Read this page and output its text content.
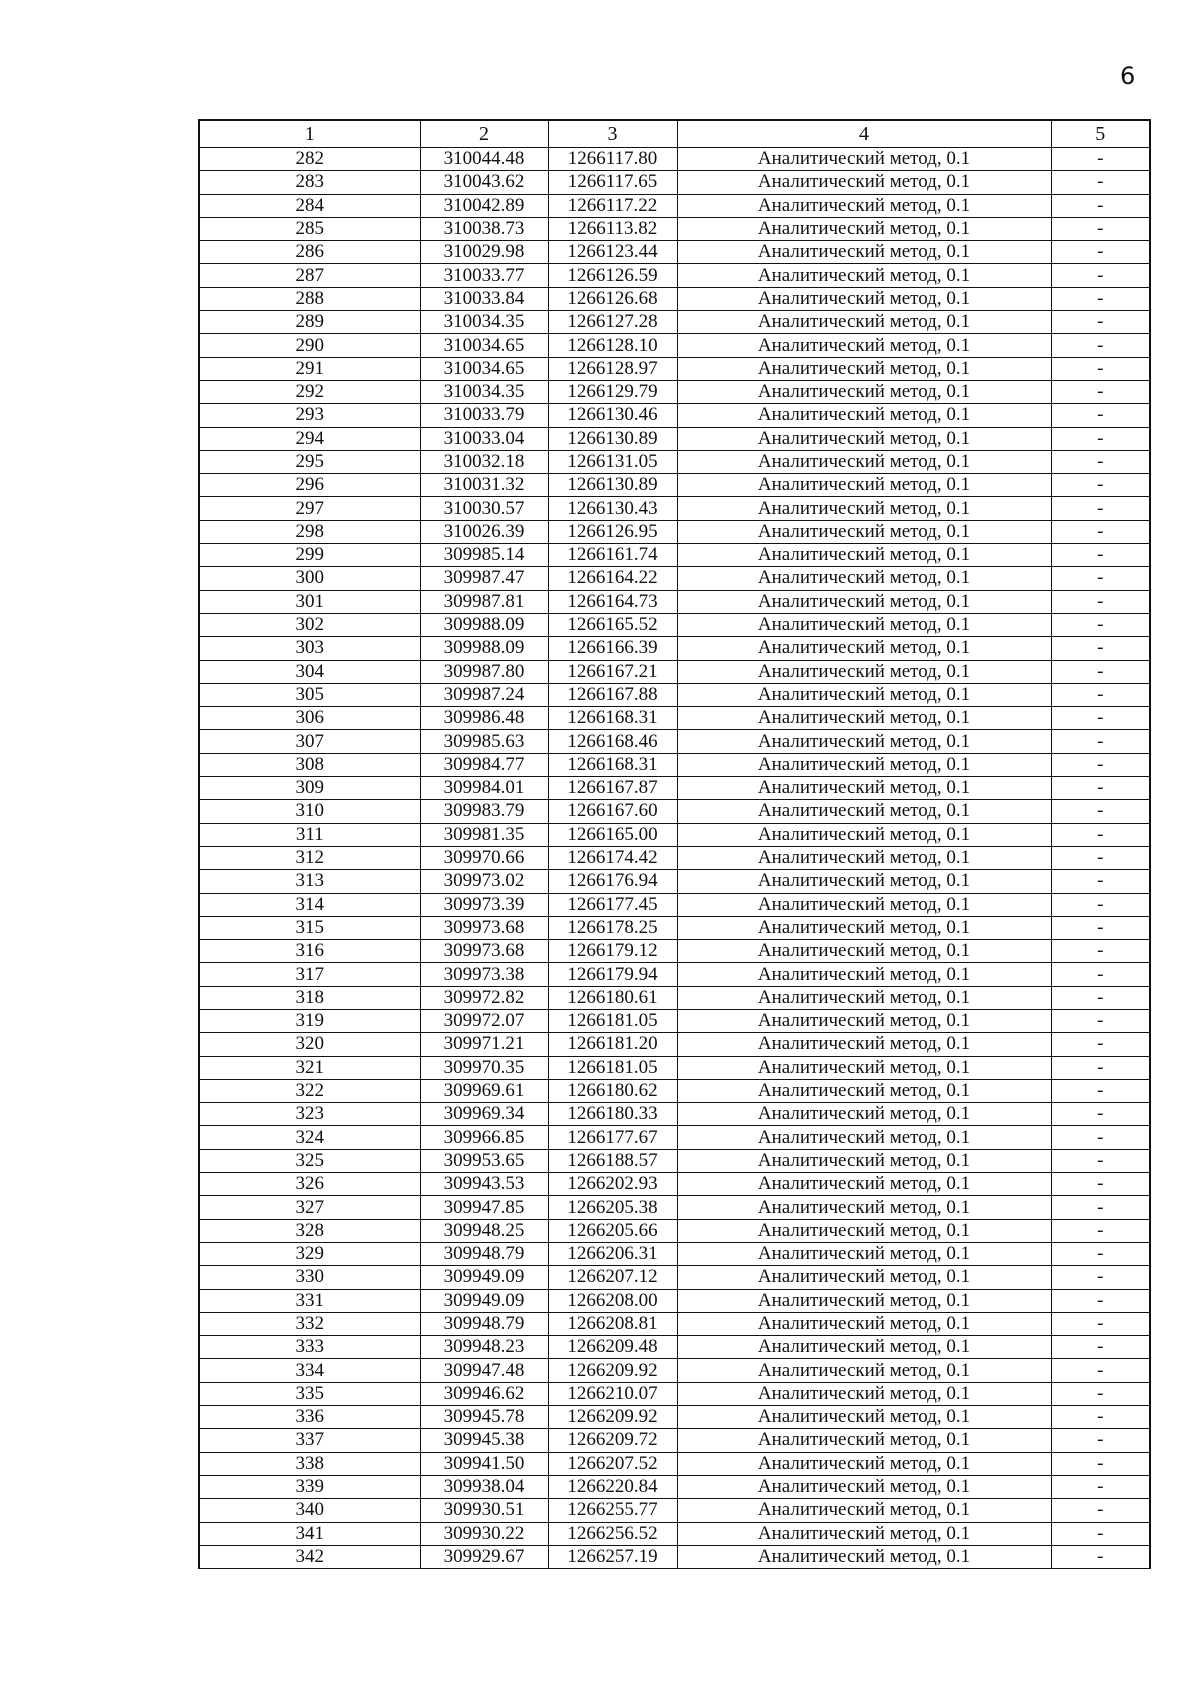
6
1	2	3	4	5
282	310044.48	1266117.80	Аналитический метод, 0.1	-
283	310043.62	1266117.65	Аналитический метод, 0.1	-
284	310042.89	1266117.22	Аналитический метод, 0.1	-
285	310038.73	1266113.82	Аналитический метод, 0.1	-
286	310029.98	1266123.44	Аналитический метод, 0.1	-
287	310033.77	1266126.59	Аналитический метод, 0.1	-
288	310033.84	1266126.68	Аналитический метод, 0.1	-
289	310034.35	1266127.28	Аналитический метод, 0.1	-
290	310034.65	1266128.10	Аналитический метод, 0.1	-
291	310034.65	1266128.97	Аналитический метод, 0.1	-
292	310034.35	1266129.79	Аналитический метод, 0.1	-
293	310033.79	1266130.46	Аналитический метод, 0.1	-
294	310033.04	1266130.89	Аналитический метод, 0.1	-
295	310032.18	1266131.05	Аналитический метод, 0.1	-
296	310031.32	1266130.89	Аналитический метод, 0.1	-
297	310030.57	1266130.43	Аналитический метод, 0.1	-
298	310026.39	1266126.95	Аналитический метод, 0.1	-
299	309985.14	1266161.74	Аналитический метод, 0.1	-
300	309987.47	1266164.22	Аналитический метод, 0.1	-
301	309987.81	1266164.73	Аналитический метод, 0.1	-
302	309988.09	1266165.52	Аналитический метод, 0.1	-
303	309988.09	1266166.39	Аналитический метод, 0.1	-
304	309987.80	1266167.21	Аналитический метод, 0.1	-
305	309987.24	1266167.88	Аналитический метод, 0.1	-
306	309986.48	1266168.31	Аналитический метод, 0.1	-
307	309985.63	1266168.46	Аналитический метод, 0.1	-
308	309984.77	1266168.31	Аналитический метод, 0.1	-
309	309984.01	1266167.87	Аналитический метод, 0.1	-
310	309983.79	1266167.60	Аналитический метод, 0.1	-
311	309981.35	1266165.00	Аналитический метод, 0.1	-
312	309970.66	1266174.42	Аналитический метод, 0.1	-
313	309973.02	1266176.94	Аналитический метод, 0.1	-
314	309973.39	1266177.45	Аналитический метод, 0.1	-
315	309973.68	1266178.25	Аналитический метод, 0.1	-
316	309973.68	1266179.12	Аналитический метод, 0.1	-
317	309973.38	1266179.94	Аналитический метод, 0.1	-
318	309972.82	1266180.61	Аналитический метод, 0.1	-
319	309972.07	1266181.05	Аналитический метод, 0.1	-
320	309971.21	1266181.20	Аналитический метод, 0.1	-
321	309970.35	1266181.05	Аналитический метод, 0.1	-
322	309969.61	1266180.62	Аналитический метод, 0.1	-
323	309969.34	1266180.33	Аналитический метод, 0.1	-
324	309966.85	1266177.67	Аналитический метод, 0.1	-
325	309953.65	1266188.57	Аналитический метод, 0.1	-
326	309943.53	1266202.93	Аналитический метод, 0.1	-
327	309947.85	1266205.38	Аналитический метод, 0.1	-
328	309948.25	1266205.66	Аналитический метод, 0.1	-
329	309948.79	1266206.31	Аналитический метод, 0.1	-
330	309949.09	1266207.12	Аналитический метод, 0.1	-
331	309949.09	1266208.00	Аналитический метод, 0.1	-
332	309948.79	1266208.81	Аналитический метод, 0.1	-
333	309948.23	1266209.48	Аналитический метод, 0.1	-
334	309947.48	1266209.92	Аналитический метод, 0.1	-
335	309946.62	1266210.07	Аналитический метод, 0.1	-
336	309945.78	1266209.92	Аналитический метод, 0.1	-
337	309945.38	1266209.72	Аналитический метод, 0.1	-
338	309941.50	1266207.52	Аналитический метод, 0.1	-
339	309938.04	1266220.84	Аналитический метод, 0.1	-
340	309930.51	1266255.77	Аналитический метод, 0.1	-
341	309930.22	1266256.52	Аналитический метод, 0.1	-
342	309929.67	1266257.19	Аналитический метод, 0.1	-
